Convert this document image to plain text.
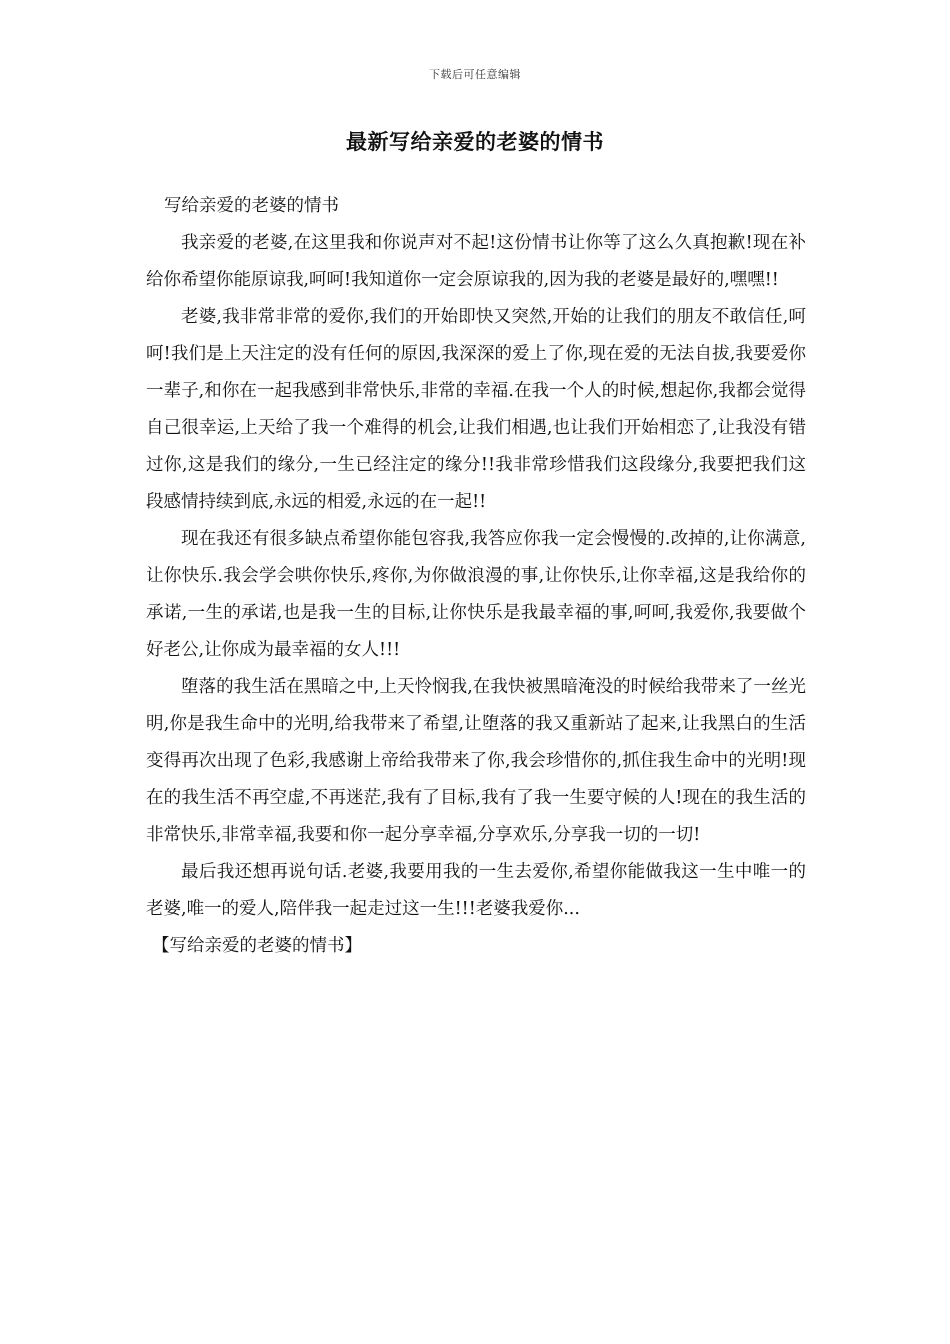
下载后可任意编辑
最新写给亲爱的老婆的情书

写给亲爱的老婆的情书

我亲爱的老婆,在这里我和你说声对不起!这份情书让你等了这么久真抱歉!现在补给你希望你能原谅我,呵呵!我知道你一定会原谅我的,因为我的老婆是最好的,嘿嘿!!

老婆,我非常非常的爱你,我们的开始即快又突然,开始的让我们的朋友不敢信任,呵呵!我们是上天注定的没有任何的原因,我深深的爱上了你,现在爱的无法自拔,我要爱你一辈子,和你在一起我感到非常快乐,非常的幸福.在我一个人的时候,想起你,我都会觉得自己很幸运,上天给了我一个难得的机会,让我们相遇,也让我们开始相恋了,让我没有错过你,这是我们的缘分,一生已经注定的缘分!!我非常珍惜我们这段缘分,我要把我们这段感情持续到底,永远的相爱,永远的在一起!!

现在我还有很多缺点希望你能包容我,我答应你我一定会慢慢的.改掉的,让你满意,让你快乐.我会学会哄你快乐,疼你,为你做浪漫的事,让你快乐,让你幸福,这是我给你的承诺,一生的承诺,也是我一生的目标,让你快乐是我最幸福的事,呵呵,我爱你,我要做个好老公,让你成为最幸福的女人!!!

堕落的我生活在黑暗之中,上天怜悯我,在我快被黑暗淹没的时候给我带来了一丝光明,你是我生命中的光明,给我带来了希望,让堕落的我又重新站了起来,让我黑白的生活变得再次出现了色彩,我感谢上帝给我带来了你,我会珍惜你的,抓住我生命中的光明!现在的我生活不再空虚,不再迷茫,我有了目标,我有了我一生要守候的人!现在的我生活的非常快乐,非常幸福,我要和你一起分享幸福,分享欢乐,分享我一切的一切!

最后我还想再说句话.老婆,我要用我的一生去爱你,希望你能做我这一生中唯一的老婆,唯一的爱人,陪伴我一起走过这一生!!!老婆我爱你...

【写给亲爱的老婆的情书】
